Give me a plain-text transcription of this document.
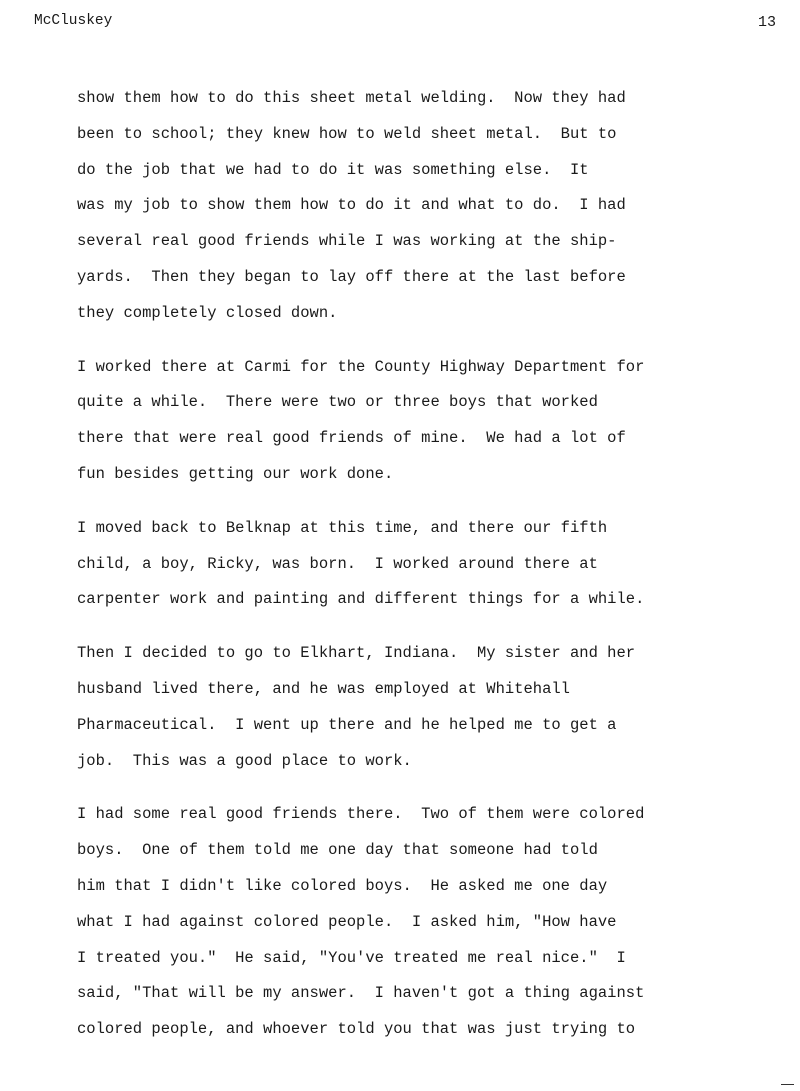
McCluskey	13
show them how to do this sheet metal welding.  Now they had
been to school; they knew how to weld sheet metal.  But to
do the job that we had to do it was something else.  It
was my job to show them how to do it and what to do.  I had
several real good friends while I was working at the ship-
yards.  Then they began to lay off there at the last before
they completely closed down.
I worked there at Carmi for the County Highway Department for
quite a while.  There were two or three boys that worked
there that were real good friends of mine.  We had a lot of
fun besides getting our work done.
I moved back to Belknap at this time, and there our fifth
child, a boy, Ricky, was born.  I worked around there at
carpenter work and painting and different things for a while.
Then I decided to go to Elkhart, Indiana.  My sister and her
husband lived there, and he was employed at Whitehall
Pharmaceutical.  I went up there and he helped me to get a
job.  This was a good place to work.
I had some real good friends there.  Two of them were colored
boys.  One of them told me one day that someone had told
him that I didn't like colored boys.  He asked me one day
what I had against colored people.  I asked him, "How have
I treated you."  He said, "You've treated me real nice."  I
said, "That will be my answer.  I haven't got a thing against
colored people, and whoever told you that was just trying to
